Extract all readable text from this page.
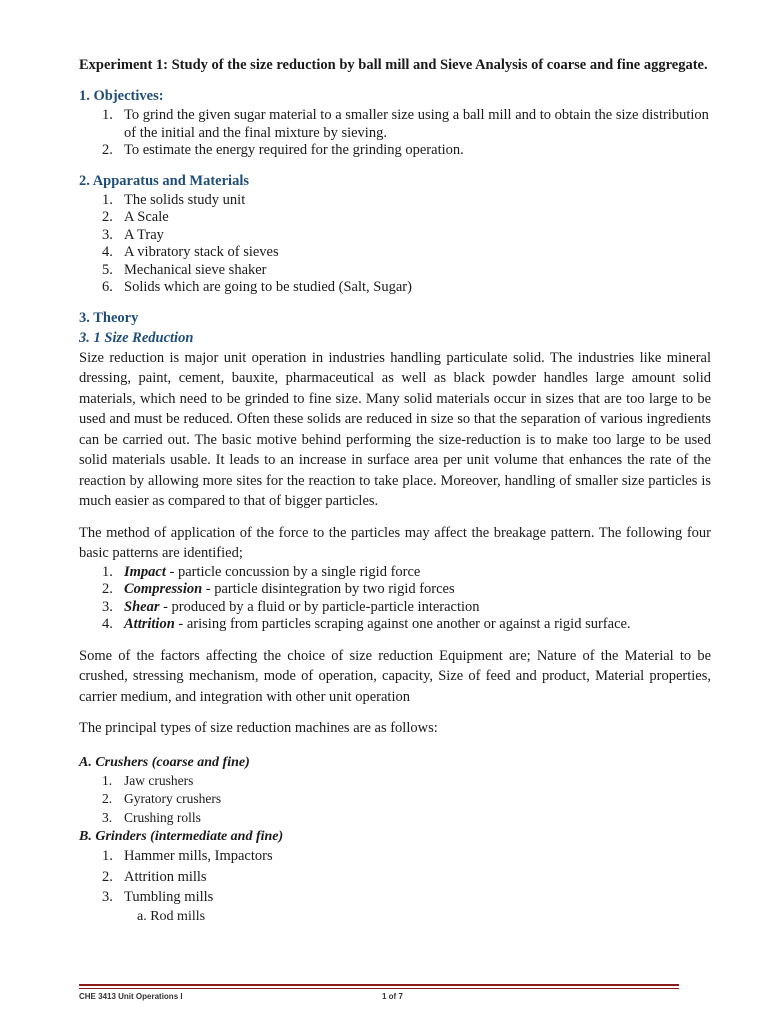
Experiment 1: Study of the size reduction by ball mill and Sieve Analysis of coarse and fine aggregate.
1. Objectives:
1. To grind the given sugar material to a smaller size using a ball mill and to obtain the size distribution of the initial and the final mixture by sieving.
2. To estimate the energy required for the grinding operation.
2. Apparatus and Materials
1. The solids study unit
2. A Scale
3. A Tray
4. A vibratory stack of sieves
5. Mechanical sieve shaker
6. Solids which are going to be studied (Salt, Sugar)
3. Theory
3. 1 Size Reduction

Size reduction is major unit operation in industries handling particulate solid. The industries like mineral dressing, paint, cement, bauxite, pharmaceutical as well as black powder handles large amount solid materials, which need to be grinded to fine size. Many solid materials occur in sizes that are too large to be used and must be reduced. Often these solids are reduced in size so that the separation of various ingredients can be carried out. The basic motive behind performing the size-reduction is to make too large to be used solid materials usable. It leads to an increase in surface area per unit volume that enhances the rate of the reaction by allowing more sites for the reaction to take place. Moreover, handling of smaller size particles is much easier as compared to that of bigger particles.

The method of application of the force to the particles may affect the breakage pattern. The following four basic patterns are identified;

1. Impact - particle concussion by a single rigid force
2. Compression - particle disintegration by two rigid forces
3. Shear - produced by a fluid or by particle-particle interaction
4. Attrition - arising from particles scraping against one another or against a rigid surface.

Some of the factors affecting the choice of size reduction Equipment are; Nature of the Material to be crushed, stressing mechanism, mode of operation, capacity, Size of feed and product, Material properties, carrier medium, and integration with other unit operation

The principal types of size reduction machines are as follows:

A. Crushers (coarse and fine)
1. Jaw crushers
2. Gyratory crushers
3. Crushing rolls
B. Grinders (intermediate and fine)
1. Hammer mills, Impactors
2. Attrition mills
3. Tumbling mills
a. Rod mills
CHE 3413 Unit Operations I	1 of 7
